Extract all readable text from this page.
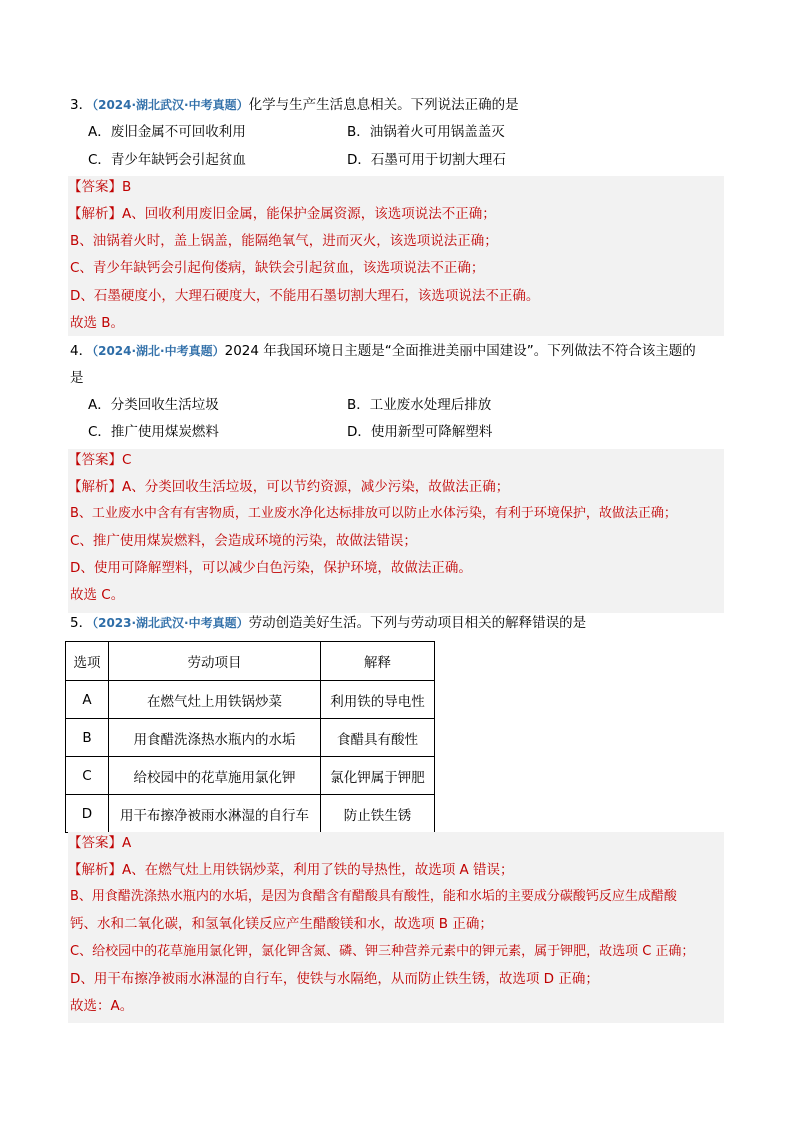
3．（2024·湖北武汉·中考真题）化学与生产生活息息相关。下列说法正确的是
A．废旧金属不可回收利用	B．油锅着火可用锅盖盖灭
C．青少年缺钙会引起贫血	D．石墨可用于切割大理石
【答案】B
【解析】A、回收利用废旧金属，能保护金属资源，该选项说法不正确；
B、油锅着火时，盖上锅盖，能隔绝氧气，进而灭火，该选项说法正确；
C、青少年缺钙会引起佝偻病，缺铁会引起贫血，该选项说法不正确；
D、石墨硬度小，大理石硬度大，不能用石墨切割大理石，该选项说法不正确。
故选 B。
4．（2024·湖北·中考真题）2024 年我国环境日主题是“全面推进美丽中国建设”。下列做法不符合该主题的
是
A．分类回收生活垃圾	B．工业废水处理后排放
C．推广使用煤炭燃料	D．使用新型可降解塑料
【答案】C
【解析】A、分类回收生活垃圾，可以节约资源，减少污染，故做法正确；
B、工业废水中含有有害物质，工业废水净化达标排放可以防止水体污染，有利于环境保护，故做法正确；
C、推广使用煤炭燃料，会造成环境的污染，故做法错误；
D、使用可降解塑料，可以减少白色污染，保护环境，故做法正确。
故选 C。
5．（2023·湖北武汉·中考真题）劳动创造美好生活。下列与劳动项目相关的解释错误的是
选项	劳动项目	解释
A	在燃气灶上用铁锅炒菜	利用铁的导电性
B	用食醋洗涤热水瓶内的水垢	食醋具有酸性
C	给校园中的花草施用氯化钾	氯化钾属于钾肥
D	用干布擦净被雨水淋湿的自行车	防止铁生锈
【答案】A
【解析】A、在燃气灶上用铁锅炒菜，利用了铁的导热性，故选项 A 错误；
B、用食醋洗涤热水瓶内的水垢，是因为食醋含有醋酸具有酸性，能和水垢的主要成分碳酸钙反应生成醋酸
钙、水和二氧化碳，和氢氧化镁反应产生醋酸镁和水，故选项 B 正确；
C、给校园中的花草施用氯化钾，氯化钾含氮、磷、钾三种营养元素中的钾元素，属于钾肥，故选项 C 正确；
D、用干布擦净被雨水淋湿的自行车，使铁与水隔绝，从而防止铁生锈，故选项 D 正确；
故选：A。
